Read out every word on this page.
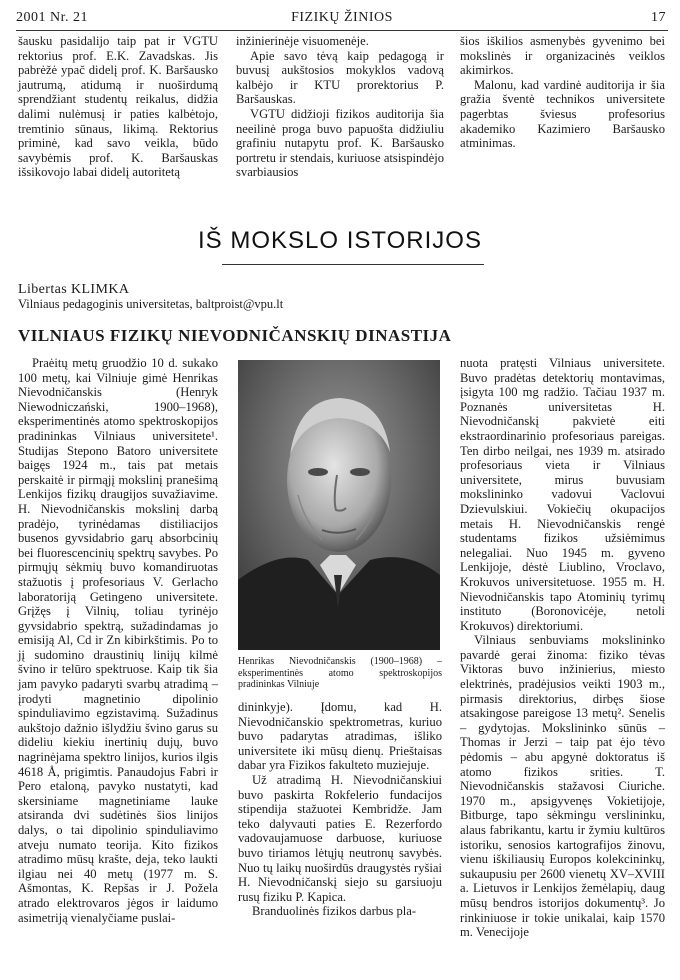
2001 Nr. 21	FIZIKŲ ŽINIOS	17

šausku pasidalijo taip pat ir VGTU rektorius prof. E.K. Zavadskas. Jis pabrėžė ypač didelį prof. K. Baršausko jautrumą, atidumą ir nuoširdumą sprendžiant studentų reikalus, didžia dalimi nulėmusį ir paties kalbėtojo, tremtinio sūnaus, likimą. Rektorius priminė, kad savo veikla, būdo savybėmis prof. K. Baršauskas išsikovojo labai didelį autoritetą

inžinierinėje visuomenėje.

Apie savo tėvą kaip pedagogą ir buvusį aukštosios mokyklos vadovą kalbėjo ir KTU prorektorius P. Baršauskas.

VGTU didžioji fizikos auditorija šia neeilinė proga buvo papuošta didžiuliu grafiniu nutapytu prof. K. Baršausko portretu ir stendais, kuriuose atsispindėjo svarbiausios

šios iškilios asmenybės gyvenimo bei mokslinės ir organizacinės veiklos akimirkos.

Malonu, kad vardinė auditorija ir šia gražia šventė technikos universitete pagerbtas šviesus profesorius akademiko Kazimiero Baršausko atminimas.

IŠ MOKSLO ISTORIJOS
Libertas KLIMKA
Vilniaus pedagoginis universitetas, baltproist@vpu.lt
VILNIAUS FIZIKŲ NIEVODNIČANSKIŲ DINASTIJA

Praėitų metų gruodžio 10 d. sukako 100 metų, kai Vilniuje gimė Henrikas Nievodničanskis (Henryk Niewodniczański, 1900–1968), eksperimentinės atomo spektroskopijos pradininkas Vilniaus universitete¹. Studijas Stepono Batoro universitete baigęs 1924 m., tais pat metais perskaitė ir pirmąjį mokslinį pranešimą Lenkijos fizikų draugijos suvažiavime. H. Nievodničanskis mokslinį darbą pradėjo, tyrinėdamas distiliacijos busenos gyvsidabrio garų absorbcinių bei fluorescencinių spektrų savybes. Po pirmųjų sėkmių buvo komandiruotas stažuotis į profesoriaus V. Gerlacho laboratoriją Getingeno universitete. Grįžęs į Vilnių, toliau tyrinėjo gyvsidabrio spektrą, sužadindamas jo emisiją Al, Cd ir Zn kibirkštimis. Po to jį sudomino draustinių linijų kilmė švino ir telūro spektruose. Kaip tik šia jam pavyko padaryti svarbų atradimą – įrodyti magnetinio dipolinio spinduliavimo egzistavimą. Sužadinus aukštojo dažnio išlydžiu švino garus su dideliu kiekiu inertinių dujų, buvo nagrinėjama spektro linijos, kurios ilgis 4618 Å, prigimtis. Panaudojus Fabri ir Pero etaloną, pavyko nustatyti, kad skersiniame magnetiniame lauke atsiranda dvi sudėtinės šios linijos dalys, o tai dipolinio spinduliavimo atveju numato teorija. Kito fizikos atradimo mūsų krašte, deja, teko laukti ilgiau nei 40 metų (1977 m. S. Ašmontas, K. Repšas ir J. Požela atrado elektrovaros jėgos ir laidumo asimetriją vienalyčiame puslai-

Henrikas Nievodničanskis (1900–1968) – eksperimentinės atomo spektroskopijos pradininkas Vilniuje

dininkyje). Įdomu, kad H. Nievodničanskio spektrometras, kuriuo buvo padarytas atradimas, išliko universitete iki mūsų dienų. Prieštaisas dabar yra Fizikos fakulteto muziejuje.

Už atradimą H. Nievodničanskiui buvo paskirta Rokfelerio fundacijos stipendija stažuotei Kembridže. Jam teko dalyvauti paties E. Rezerfordo vadovaujamuose darbuose, kuriuose buvo tiriamos lėtųjų neutronų savybės. Nuo tų laikų nuoširdūs draugystės ryšiai H. Nievodničanskį siejo su garsiuoju rusų fiziku P. Kapica.

Branduolinės fizikos darbus pla-

nuota pratęsti Vilniaus universitete. Buvo pradėtas detektorių montavimas, įsigyta 100 mg radžio. Tačiau 1937 m. Poznanės universitetas H. Nievodničanskį pakvietė eiti ekstraordinarinio profesoriaus pareigas. Ten dirbo neilgai, nes 1939 m. atsirado profesoriaus vieta ir Vilniaus universitete, mirus buvusiam mokslininko vadovui Vaclovui Dzievulskiui. Vokiečių okupacijos metais H. Nievodničanskis rengė studentams fizikos užsiėmimus nelegaliai. Nuo 1945 m. gyveno Lenkijoje, dėstė Liublino, Vroclavo, Krokuvos universitetuose. 1955 m. H. Nievodničanskis tapo Atominių tyrimų instituto (Boronovicėje, netoli Krokuvos) direktoriumi.

Vilniaus senbuviams mokslininko pavardė gerai žinoma: fiziko tėvas Viktoras buvo inžinierius, miesto elektrinės, pradėjusios veikti 1903 m., pirmasis direktorius, dirbęs šiose atsakingose pareigose 13 metų². Senelis – gydytojas. Mokslininko sūnūs – Thomas ir Jerzi – taip pat ėjo tėvo pėdomis – abu apgynė doktoratus iš atomo fizikos srities. T. Nievodničanskis stažavosi Ciuriche. 1970 m., apsigyvenęs Vokietijoje, Bitburge, tapo sėkmingu verslininku, alaus fabrikantu, kartu ir žymiu kultūros istoriku, senosios kartografijos žinovu, vienu iškiliausių Europos kolekcininkų, sukaupusiu per 2600 vienetų XV–XVIII a. Lietuvos ir Lenkijos žemėlapių, daug mūsų bendros istorijos dokumentų³. Jo rinkiniuose ir tokie unikalai, kaip 1570 m. Venecijoje
